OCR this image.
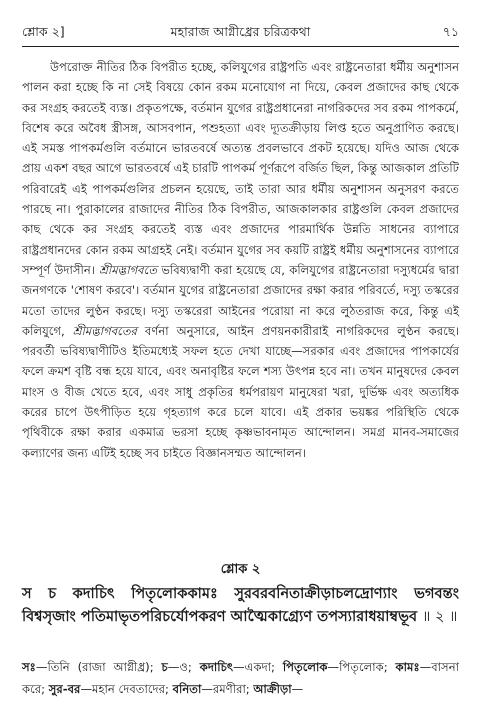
শ্লোক ২]	মহারাজ আগ্নীধ্রের চরিত্রকথা	৭১

উপরোক্ত নীতির ঠিক বিপরীত হচ্ছে, কলিযুগের রাষ্ট্রপতি এবং রাষ্ট্রনেতারা ধর্মীয় অনুশাসন পালন করা হচ্ছে কি না সেই বিষয়ে কোন রকম মনোযোগ না দিয়ে, কেবল প্রজাদের কাছ থেকে কর সংগ্রহ করতেই ব্যস্ত। প্রকৃতপক্ষে, বর্তমান যুগের রাষ্ট্রপ্রধানেরা নাগরিকদের সব রকম পাপকর্মে, বিশেষ করে অবৈধ স্ত্রীসঙ্গ, আসবপান, পশুহত্যা এবং দ্যূতক্রীড়ায় লিপ্ত হতে অনুপ্রাণিত করছে। এই সমস্ত পাপকর্মগুলি বর্তমানে ভারতবর্ষে অত্যন্ত প্রবলভাবে প্রকট হয়েছে। যদিও আজ থেকে প্রায় একশ বছর আগে ভারতবর্ষে এই চারটি পাপকর্ম পূর্ণরূপে বর্জিত ছিল, কিন্তু আজকাল প্রতিটি পরিবারেই এই পাপকর্মগুলির প্রচলন হয়েছে, তাই তারা আর ধর্মীয় অনুশাসন অনুসরণ করতে পারছে না। পুরাকালের রাজাদের নীতির ঠিক বিপরীত, আজকালকার রাষ্ট্রগুলি কেবল প্রজাদের কাছ থেকে কর সংগ্রহ করতেই ব্যস্ত এবং প্রজাদের পারমার্থিক উন্নতি সাধনের ব্যাপারে রাষ্ট্রপ্রধানদের কোন রকম আগ্রহই নেই। বর্তমান যুগের সব কয়টি রাষ্ট্রই ধর্মীয় অনুশাসনের ব্যাপারে সম্পূর্ণ উদাসীন। শ্রীমদ্ভাগবতে ভবিষ্যদ্বাণী করা হয়েছে যে, কলিযুগের রাষ্ট্রনেতারা দস্যুধর্মের দ্বারা জনগণকে 'শোষণ করবে'। বর্তমান যুগের রাষ্ট্রনেতারা প্রজাদের রক্ষা করার পরিবর্তে, দস্যু তস্করের মতো তাদের লুণ্ঠন করছে। দস্যু তস্করেরা আইনের পরোয়া না করে লুঠতরাজ করে, কিন্তু এই কলিযুগে, শ্রীমদ্ভাগবতের বর্ণনা অনুসারে, আইন প্রণয়নকারীরাই নাগরিকদের লুণ্ঠন করছে। পরবর্তী ভবিষ্যদ্বাণীটিও ইতিমধ্যেই সফল হতে দেখা যাচ্ছে—সরকার এবং প্রজাদের পাপকার্যের ফলে ক্রমশ বৃষ্টি বন্ধ হয়ে যাবে, এবং অনাবৃষ্টির ফলে শস্য উৎপন্ন হবে না। তখন মানুষদের কেবল মাংস ও বীজ খেতে হবে, এবং সাধু প্রকৃতির ধর্মপরায়ণ মানুষেরা খরা, দুর্ভিক্ষ এবং অত্যধিক করের চাপে উৎপীড়িত হয়ে গৃহত্যাগ করে চলে যাবে। এই প্রকার ভয়ঙ্কর পরিস্থিতি থেকে পৃথিবীকে রক্ষা করার একমাত্র ভরসা হচ্ছে কৃষ্ণভাবনামৃত আন্দোলন। সমগ্র মানব-সমাজের কল্যাণের জন্য এটিই হচ্ছে সব চাইতে বিজ্ঞানসম্মত আন্দোলন।

শ্লোক ২
স চ কদাচিৎ পিতৃলোককামঃ সুরবরবনিতাক্রীড়াচলদ্রোণ্যাং ভগবন্তং বিশ্বসৃজাং পতিমাভৃতপরিচর্যোপকরণ আত্মৈকাগ্র্যেণ তপস্যারাধয়াম্বভূব ॥ ২ ॥
সঃ—তিনি (রাজা আগ্নীধ্র); চ—ও; কদাচিৎ—একদা; পিতৃলোক—পিতৃলোক; কামঃ—বাসনা করে; সুর-বর—মহান দেবতাদের; বনিতা—রমণীরা; আক্রীড়া—
